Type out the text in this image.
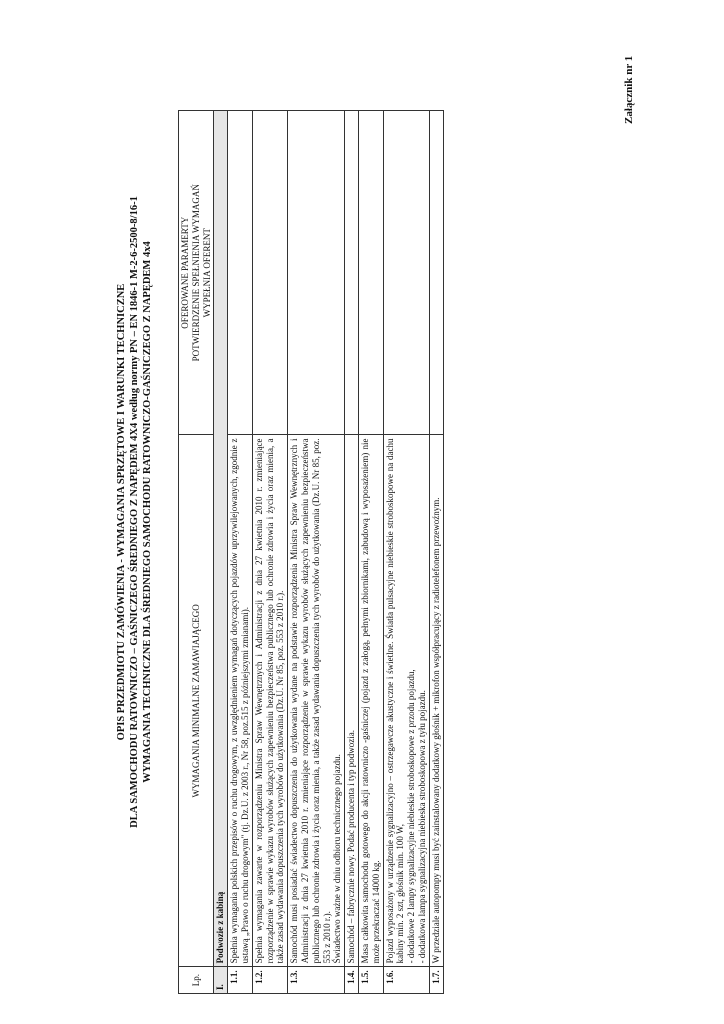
Załącznik nr 1
OPIS PRZEDMIOTU ZAMÓWIENIA - WYMAGANIA SPRZĘTOWE I WARUNKI TECHNICZNE DLA SAMOCHODU RATOWNICZO – GAŚNICZEGO ŚREDNIEGO Z NAPĘDEM 4X4 według normy PN – EN 1846-1 M-2-6-2500-8/16-1 WYMAGANIA TECHNICZNE DLA ŚREDNIEGO SAMOCHODU RATOWNICZO-GAŚNICZEGO Z NAPĘDEM 4x4
Lp.	WYMAGANIA MINIMALNE ZAMAWIAJĄCEGO	OFEROWANE PARAMERTY POTWIERDZENIE SPEŁNIENIA WYMAGAŃ WYPEŁNIA OFERENT

I.	Podwozie z kabiną	
1.1.	Spełnia wymagania polskich przepisów o ruchu drogowym, z uwzględnieniem wymagań dotyczących pojazdów uprzywilejowanych, zgodnie z ustawą „Prawo o ruchu drogowym" (tj. Dz.U. z 2003 r., Nr 58, poz.515 z późniejszymi zmianami).	

1.2.	Spełnia wymagania zawarte w rozporządzeniu Ministra Spraw Wewnętrznych i Administracji z dnia 27 kwietnia 2010 r. zmieniające rozporządzenie w sprawie wykazu wyrobów służących zapewnieniu bezpieczeństwa publicznego lub ochronie zdrowia i życia oraz mienia, a także zasad wydawania dopuszczenia tych wyrobów do użytkowania (Dz.U. Nr 85, poz. 553 z 2010 r.).	

1.3.	Samochód musi posiadać świadectwo dopuszczenia do użytkowania wydane na podstawie rozporządzenia Ministra Spraw Wewnętrznych i Administracji z dnia 27 kwietnia 2010 r. zmieniające rozporządzenie w sprawie wykazu wyrobów służących zapewnieniu bezpieczeństwa publicznego lub ochronie zdrowia i życia oraz mienia, a także zasad wydawania dopuszczenia tych wyrobów do użytkowania (Dz.U. Nr 85, poz. 553 z 2010 r.). Świadectwo ważne w dniu odbioru technicznego pojazdu.	

1.4.	Samochód – fabrycznie nowy. Podać producenta i typ podwozia.	

1.5.	Masa całkowita samochodu gotowego do akcji ratowniczo -gaśniczej (pojazd z załogą, pełnymi zbiornikami, zabudową i wyposażeniem) nie może przekraczać 14000 kg.	

1.6.	Pojazd wyposażony w urządzenie sygnalizacyjno – ostrzegawcze akustyczne i świetlne. Światła pulsacyjne niebieskie stroboskopowe na dachu kabiny min. 2 szt, głośnik min. 100 W, - dodatkowe 2 lampy sygnalizacyjne niebieskie stroboskopowe z przodu pojazdu, - dodatkowa lampa sygnalizacyjna niebieska stroboskopowa z tyłu pojazdu.	

1.7.	W przedziale autopompy musi być zainstalowany dodatkowy głośnik + mikrofon współpracujący z radiotelefonem przewoźnym.	
